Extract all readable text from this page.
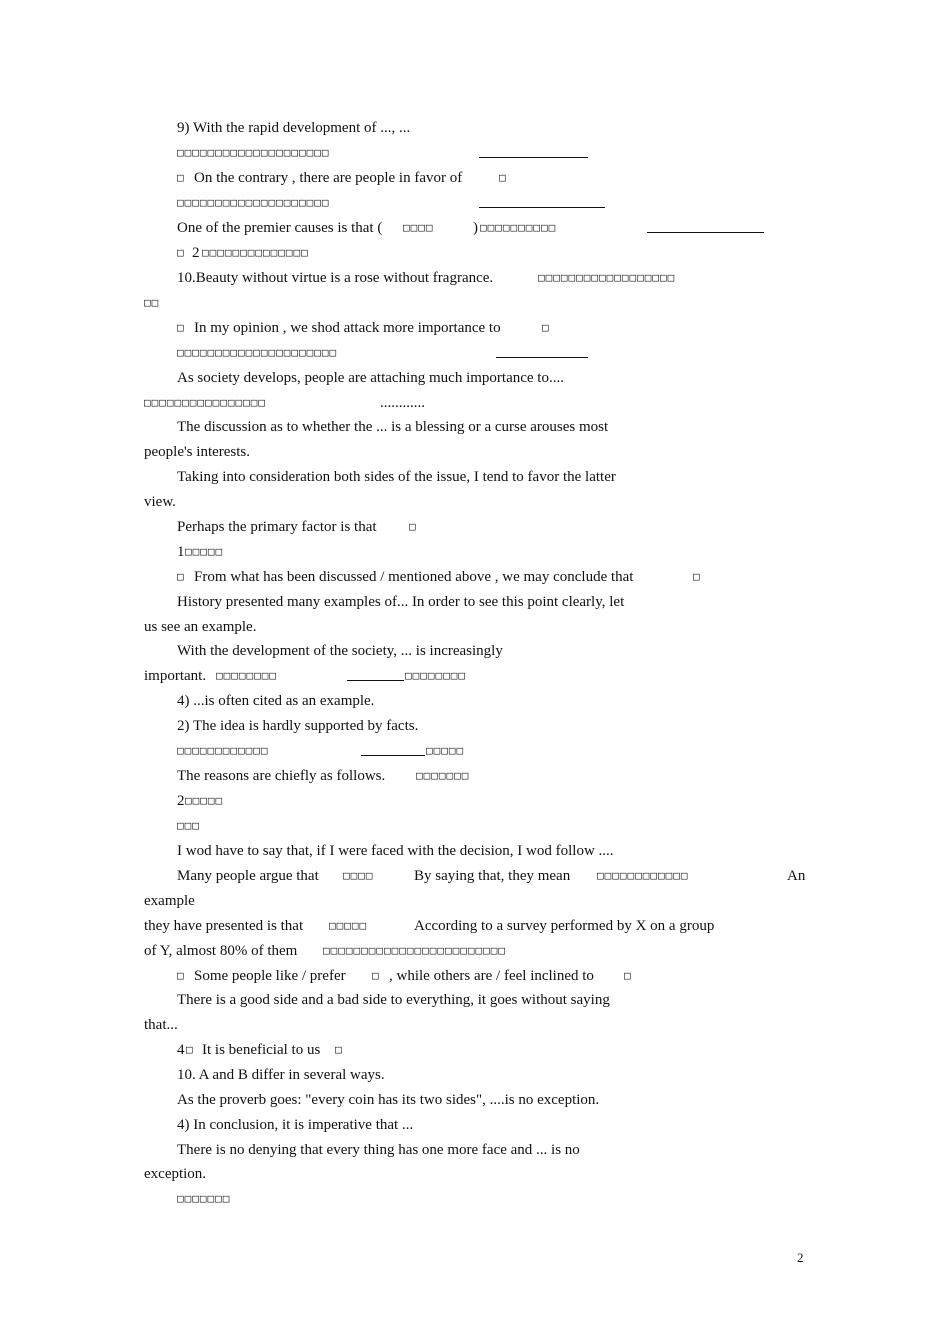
9) With the rapid development of ..., ...
□□□□□□□□□□□□□□□□□□□□
□ On the contrary , there are people in favor of	□
□□□□□□□□□□□□□□□□□□□□
One of the premier causes is that ( □□□□	) □□□□□□□□□□
□ 2 □□□□□□□□□□□□□□
10.Beauty without virtue is a rose without fragrance.	□□□□□□□□□□□□□□□□□□
□□
□ In my opinion , we shod attack more importance to	□
□□□□□□□□□□□□□□□□□□□□□
As society develops, people are attaching much importance to....
□□□□□□□□□□□□□□□□	............
The discussion as to whether the ... is a blessing or a curse arouses most
people's interests.
Taking into consideration both sides of the issue, I tend to favor the latter
view.
Perhaps the primary factor is that	□
1 □□□□□
□ From what has been discussed / mentioned above , we may conclude that	□
History presented many examples of... In order to see this point clearly, let
us see an example.
With the development of the society, ... is increasingly
important. □□□□□□□□	□□□□□□□□
4) ...is often cited as an example.
2) The idea is hardly supported by facts.
□□□□□□□□□□□□	□□□□□
The reasons are chiefly as follows.	□□□□□□□
2 □□□□□
□□□
I wod have to say that, if I were faced with the decision, I wod follow ....
Many people argue that □□□□	By saying that, they mean □□□□□□□□□□□□	An
example
they have presented is that □□□□□	According to a survey performed by X on a group
of Y, almost 80% of them □□□□□□□□□□□□□□□□□□□□□□□□
□ Some people like / prefer □ , while others are / feel inclined to	□
There is a good side and a bad side to everything, it goes without saying
that...
4 □ It is beneficial to us □
10. A and B differ in several ways.
As the proverb goes: "every coin has its two sides", ....is no exception.
4) In conclusion, it is imperative that ...
There is no denying that every thing has one more face and ... is no
exception.
□□□□□□□
2
